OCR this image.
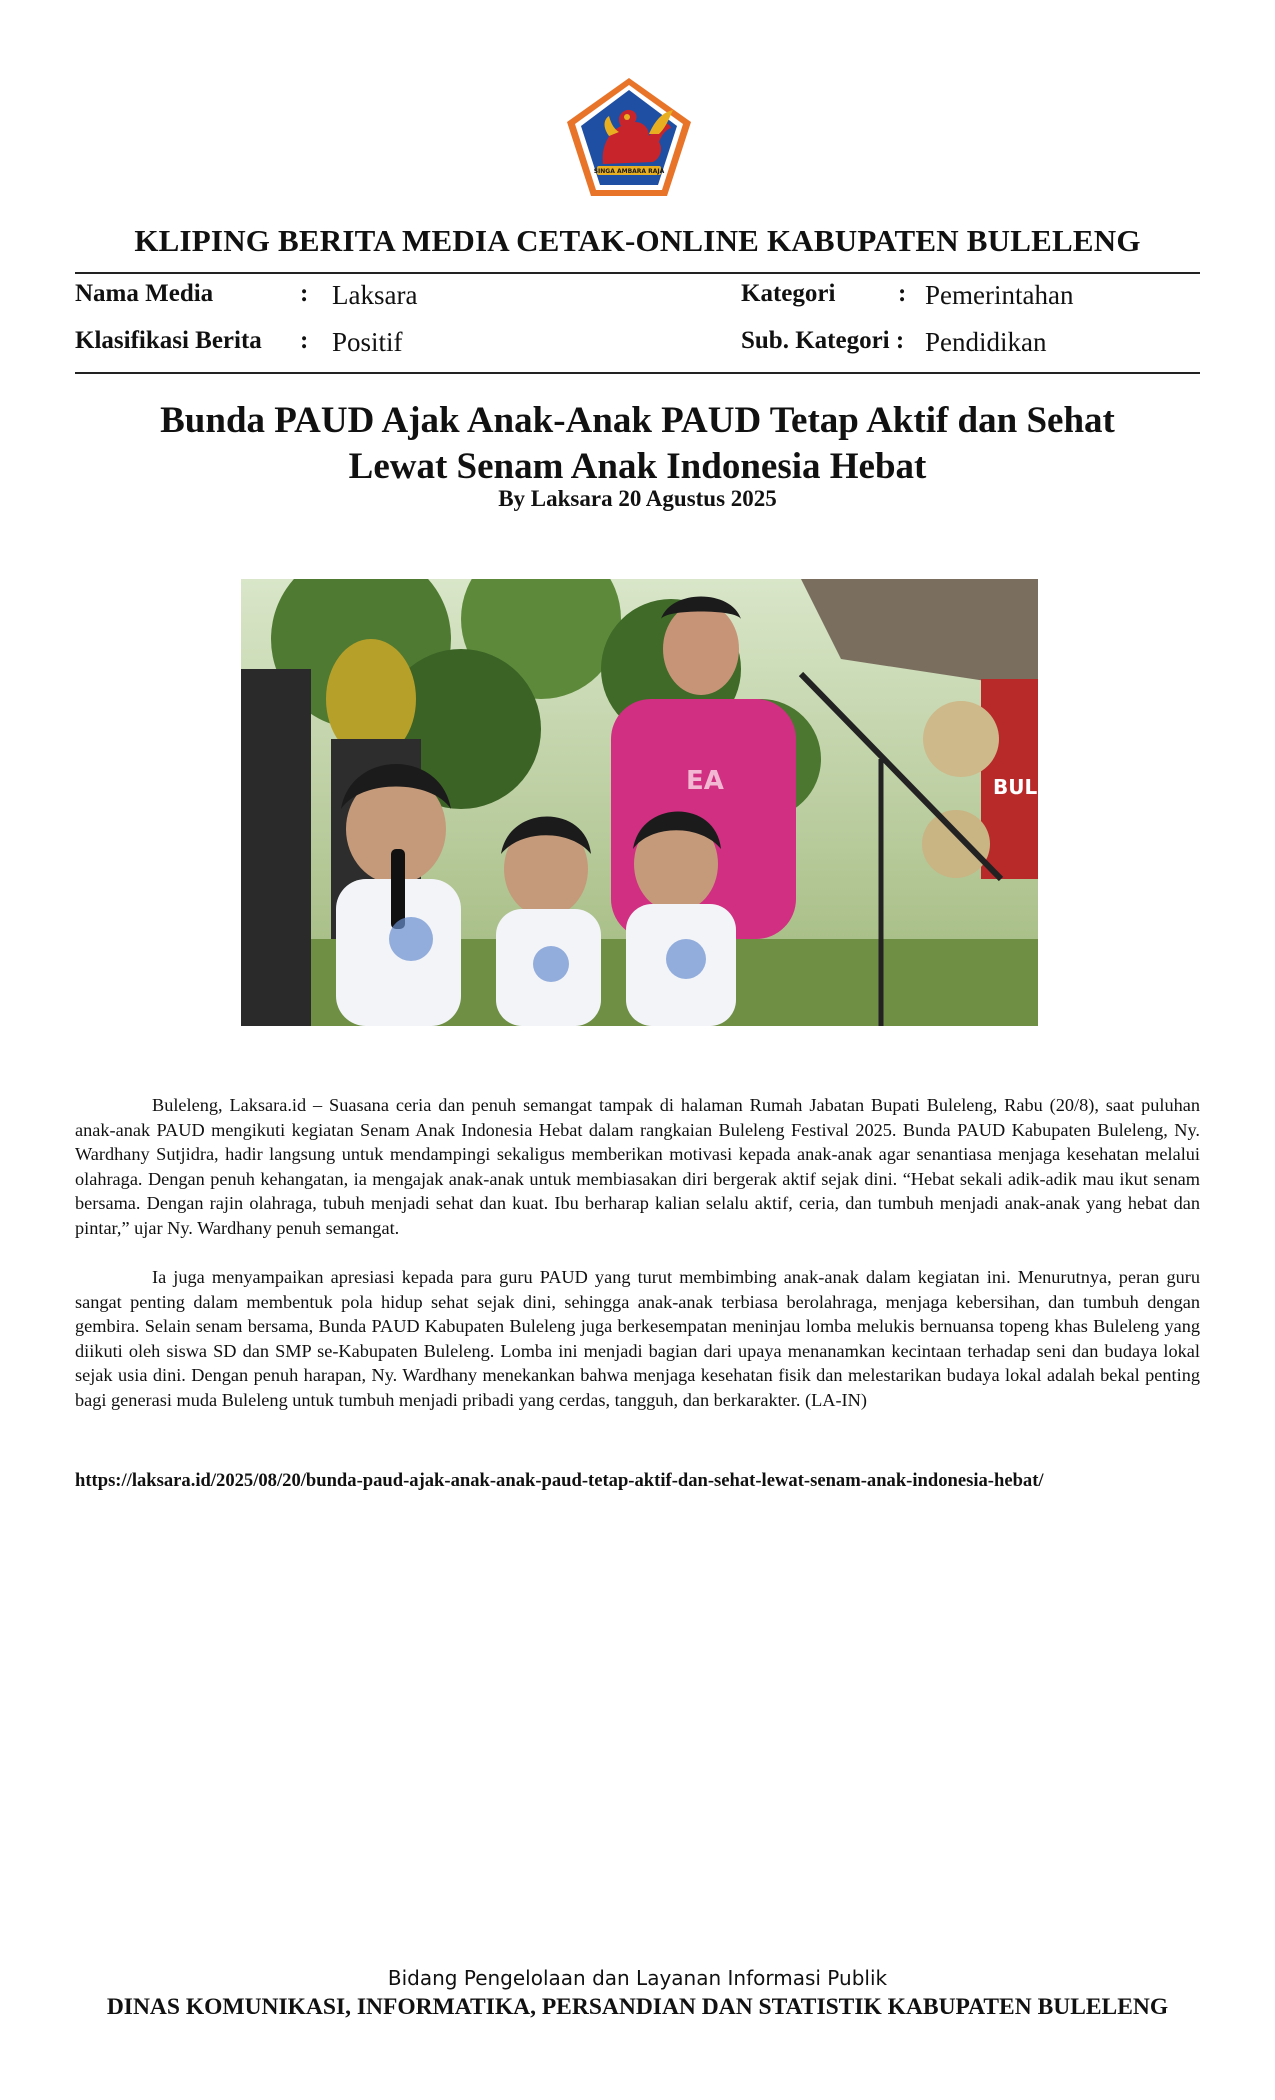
SINGA AMBARA RAJA
KLIPING BERITA MEDIA CETAK-ONLINE KABUPATEN BULELENG
Nama Media	: Laksara	Kategori	: Pemerintahan
Klasifikasi Berita : Positif	Sub. Kategori : Pendidikan
Bunda PAUD Ajak Anak-Anak PAUD Tetap Aktif dan Sehat
Lewat Senam Anak Indonesia Hebat
By Laksara 20 Agustus 2025
BUL
EA
Buleleng, Laksara.id – Suasana ceria dan penuh semangat tampak di halaman Rumah Jabatan Bupati Buleleng, Rabu (20/8), saat puluhan anak-anak PAUD mengikuti kegiatan Senam Anak Indonesia Hebat dalam rangkaian Buleleng Festival 2025. Bunda PAUD Kabupaten Buleleng, Ny. Wardhany Sutjidra, hadir langsung untuk mendampingi sekaligus memberikan motivasi kepada anak-anak agar senantiasa menjaga kesehatan melalui olahraga. Dengan penuh kehangatan, ia mengajak anak-anak untuk membiasakan diri bergerak aktif sejak dini. “Hebat sekali adik-adik mau ikut senam bersama. Dengan rajin olahraga, tubuh menjadi sehat dan kuat. Ibu berharap kalian selalu aktif, ceria, dan tumbuh menjadi anak-anak yang hebat dan pintar,” ujar Ny. Wardhany penuh semangat.
Ia juga menyampaikan apresiasi kepada para guru PAUD yang turut membimbing anak-anak dalam kegiatan ini. Menurutnya, peran guru sangat penting dalam membentuk pola hidup sehat sejak dini, sehingga anak-anak terbiasa berolahraga, menjaga kebersihan, dan tumbuh dengan gembira. Selain senam bersama, Bunda PAUD Kabupaten Buleleng juga berkesempatan meninjau lomba melukis bernuansa topeng khas Buleleng yang diikuti oleh siswa SD dan SMP se-Kabupaten Buleleng. Lomba ini menjadi bagian dari upaya menanamkan kecintaan terhadap seni dan budaya lokal sejak usia dini. Dengan penuh harapan, Ny. Wardhany menekankan bahwa menjaga kesehatan fisik dan melestarikan budaya lokal adalah bekal penting bagi generasi muda Buleleng untuk tumbuh menjadi pribadi yang cerdas, tangguh, dan berkarakter. (LA-IN)
https://laksara.id/2025/08/20/bunda-paud-ajak-anak-anak-paud-tetap-aktif-dan-sehat-lewat-senam-anak-indonesia-hebat/
Bidang Pengelolaan dan Layanan Informasi Publik
DINAS KOMUNIKASI, INFORMATIKA, PERSANDIAN DAN STATISTIK KABUPATEN BULELENG
